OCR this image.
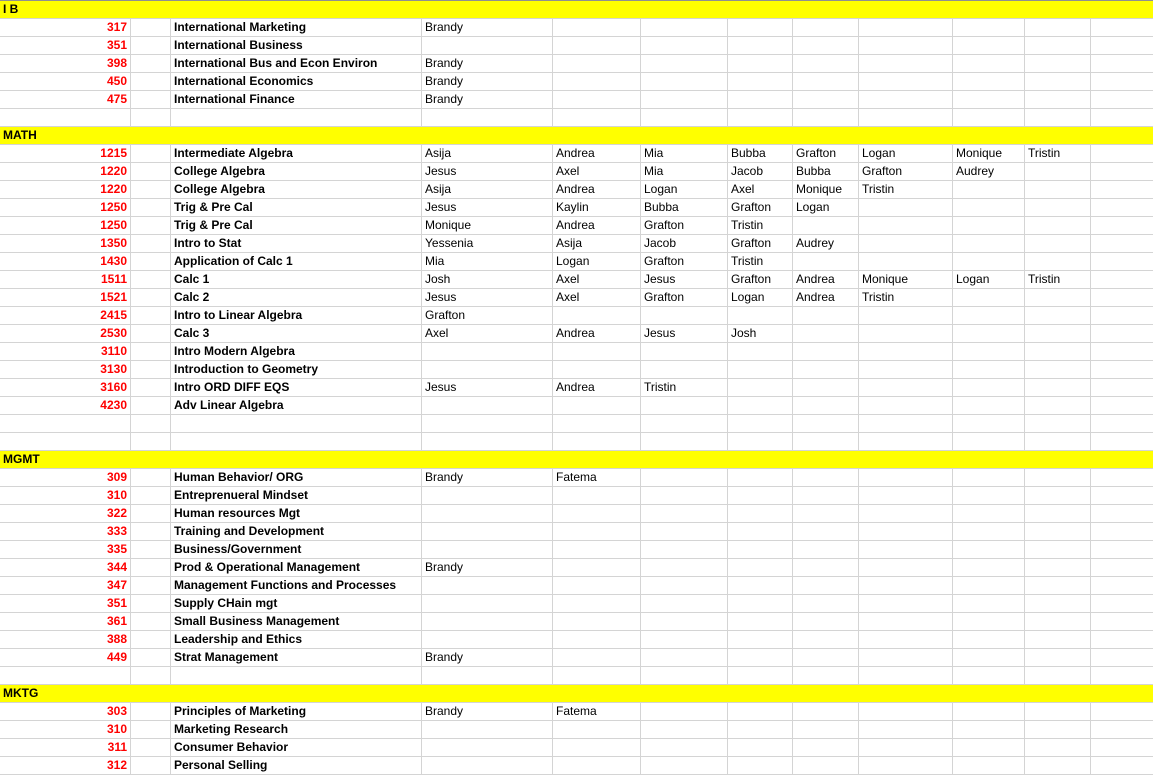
I B
317	International Marketing	Brandy
351	International Business
398	International Bus and Econ Environ	Brandy
450	International Economics	Brandy
475	International Finance	Brandy
MATH
1215	Intermediate Algebra	Asija	Andrea	Mia	Bubba	Grafton	Logan	Monique	Tristin
1220	College Algebra	Jesus	Axel	Mia	Jacob	Bubba	Grafton	Audrey
1220	College Algebra	Asija	Andrea	Logan	Axel	Monique	Tristin
1250	Trig & Pre Cal	Jesus	Kaylin	Bubba	Grafton	Logan
1250	Trig & Pre Cal	Monique	Andrea	Grafton	Tristin
1350	Intro to Stat	Yessenia	Asija	Jacob	Grafton	Audrey
1430	Application of Calc 1	Mia	Logan	Grafton	Tristin
1511	Calc 1	Josh	Axel	Jesus	Grafton	Andrea	Monique	Logan	Tristin
1521	Calc 2	Jesus	Axel	Grafton	Logan	Andrea	Tristin
2415	Intro to Linear Algebra	Grafton
2530	Calc 3	Axel	Andrea	Jesus	Josh
3110	Intro Modern Algebra
3130	Introduction to Geometry
3160	Intro ORD DIFF EQS	Jesus	Andrea	Tristin
4230	Adv Linear Algebra
MGMT
309	Human Behavior/ ORG	Brandy	Fatema
310	Entreprenueral Mindset
322	Human resources Mgt
333	Training and Development
335	Business/Government
344	Prod & Operational Management	Brandy
347	Management Functions and Processes
351	Supply CHain mgt
361	Small Business Management
388	Leadership and Ethics
449	Strat Management	Brandy
MKTG
303	Principles of Marketing	Brandy	Fatema
310	Marketing Research
311	Consumer Behavior
312	Personal Selling
